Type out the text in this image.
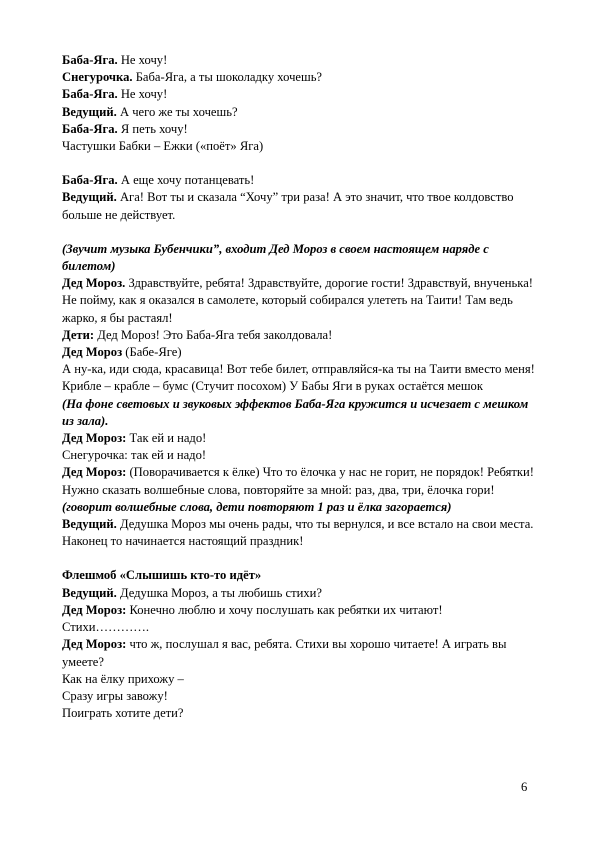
Баба-Яга. Не хочу!

Снегурочка. Баба-Яга, а ты шоколадку хочешь?

Баба-Яга. Не хочу!

Ведущий. А чего же ты хочешь?

Баба-Яга. Я петь хочу!

Частушки Бабки – Ежки («поёт» Яга)

Баба-Яга. А еще хочу потанцевать!

Ведущий. Ага! Вот ты и сказала “Хочу” три раза! А это значит, что твое колдовство больше не действует.

(Звучит музыка Бубенчики”, входит Дед Мороз в своем настоящем наряде с билетом)

Дед Мороз. Здравствуйте, ребята! Здравствуйте, дорогие гости! Здравствуй, внученька! Не пойму, как я оказался в самолете, который собирался улететь на Таити! Там ведь жарко, я бы растаял!

Дети: Дед Мороз! Это Баба-Яга тебя заколдовала!

Дед Мороз (Бабе-Яге)

А ну-ка, иди сюда, красавица! Вот тебе билет, отправляйся-ка ты на Таити вместо меня! Крибле – крабле – бумс (Стучит посохом) У Бабы Яги в руках остаётся мешок

(На фоне световых и звуковых эффектов Баба-Яга кружится и исчезает с мешком из зала).

Дед Мороз: Так ей и надо!

Снегурочка: так ей и надо!

Дед Мороз: (Поворачивается к ёлке) Что то ёлочка у нас не горит, не порядок! Ребятки! Нужно сказать волшебные слова, повторяйте за мной: раз, два, три, ёлочка гори!

(говорит волшебные слова, дети повторяют 1 раз и ёлка загорается)

Ведущий. Дедушка Мороз мы очень рады, что ты вернулся, и все встало на свои места. Наконец то начинается настоящий праздник!

Флешмоб «Слышишь кто-то идёт»

Ведущий. Дедушка Мороз, а ты любишь стихи?

Дед Мороз: Конечно люблю и хочу послушать как ребятки их читают!

Стихи………….

Дед Мороз: что ж, послушал я вас, ребята. Стихи вы хорошо читаете! А играть вы умеете?

Как на ёлку прихожу –

Сразу игры завожу!

Поиграть хотите дети?

6
